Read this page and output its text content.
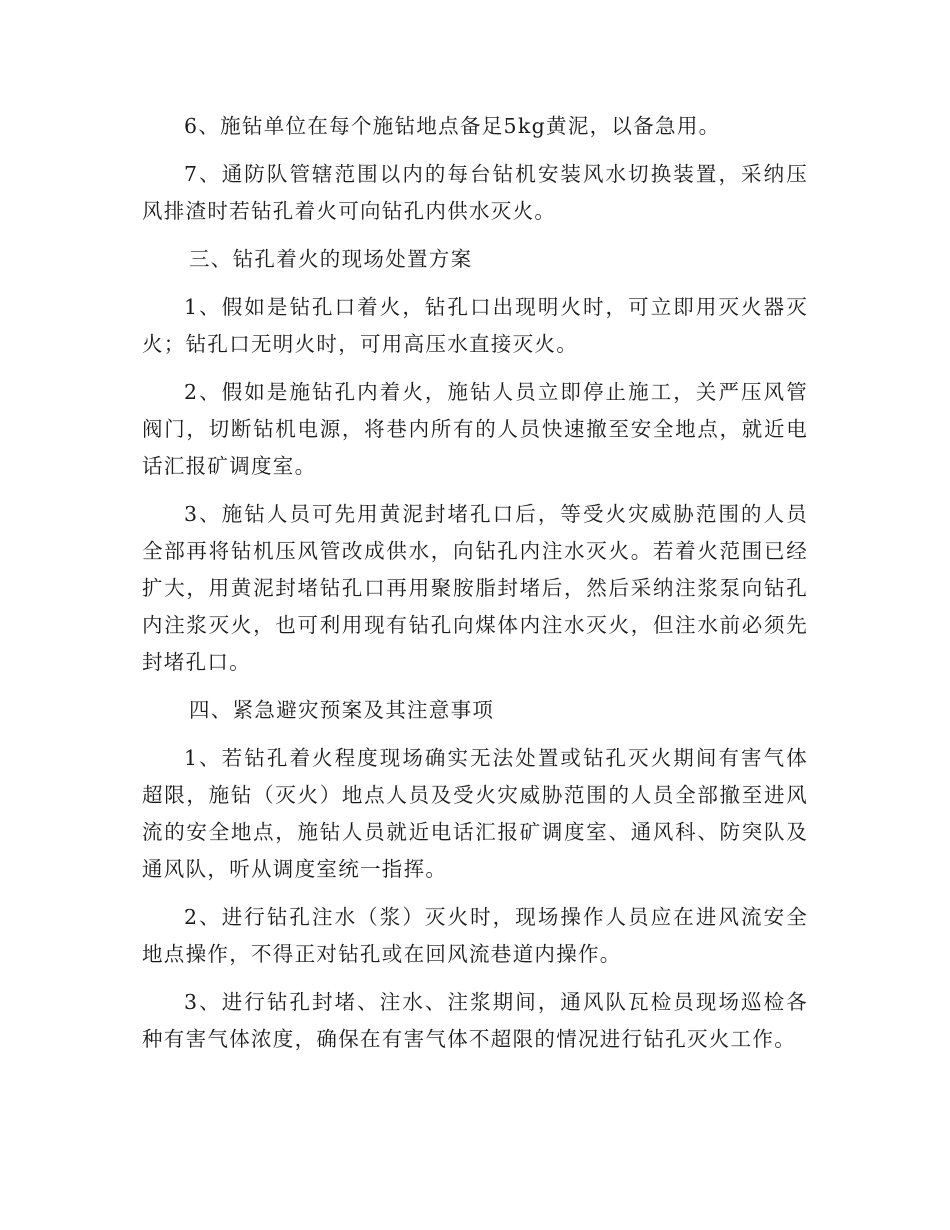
6、施钻单位在每个施钻地点备足5kg黄泥，以备急用。

7、通防队管辖范围以内的每台钻机安装风水切换装置，采纳压风排渣时若钻孔着火可向钻孔内供水灭火。

三、钻孔着火的现场处置方案

1、假如是钻孔口着火，钻孔口出现明火时，可立即用灭火器灭火；钻孔口无明火时，可用高压水直接灭火。

2、假如是施钻孔内着火，施钻人员立即停止施工，关严压风管阀门，切断钻机电源，将巷内所有的人员快速撤至安全地点，就近电话汇报矿调度室。

3、施钻人员可先用黄泥封堵孔口后，等受火灾威胁范围的人员全部再将钻机压风管改成供水，向钻孔内注水灭火。若着火范围已经扩大，用黄泥封堵钻孔口再用聚胺脂封堵后，然后采纳注浆泵向钻孔内注浆灭火，也可利用现有钻孔向煤体内注水灭火，但注水前必须先封堵孔口。

四、紧急避灾预案及其注意事项

1、若钻孔着火程度现场确实无法处置或钻孔灭火期间有害气体超限，施钻（灭火）地点人员及受火灾威胁范围的人员全部撤至进风流的安全地点，施钻人员就近电话汇报矿调度室、通风科、防突队及通风队，听从调度室统一指挥。

2、进行钻孔注水（浆）灭火时，现场操作人员应在进风流安全地点操作，不得正对钻孔或在回风流巷道内操作。

3、进行钻孔封堵、注水、注浆期间，通风队瓦检员现场巡检各种有害气体浓度，确保在有害气体不超限的情况进行钻孔灭火工作。
